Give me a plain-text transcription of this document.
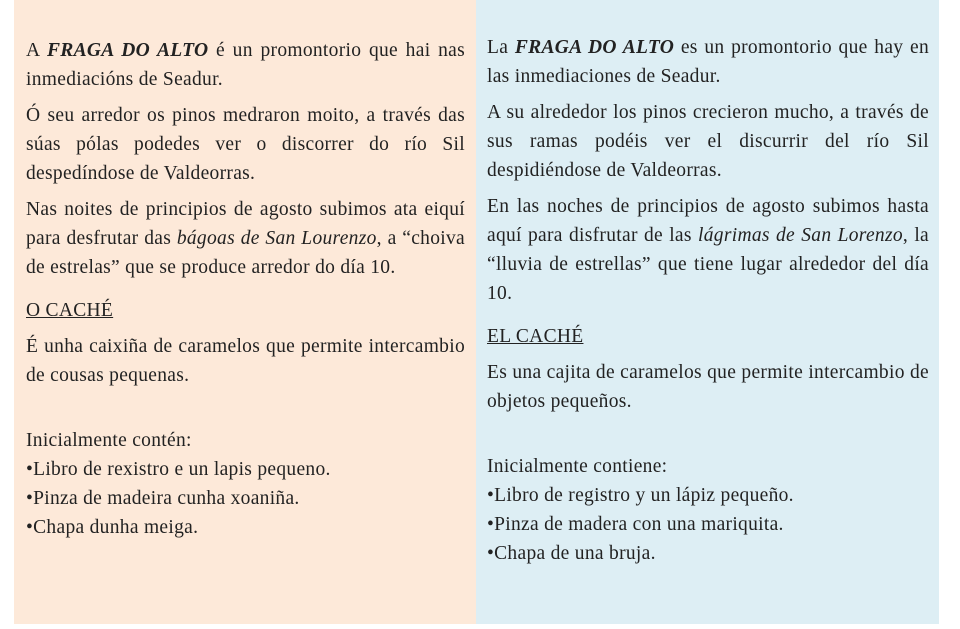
A FRAGA DO ALTO é un promontorio que hai nas inmediacións de Seadur.

Ó seu arredor os pinos medraron moito, a través das súas pólas podedes ver o discorrer do río Sil despedíndose de Valdeorras.

Nas noites de principios de agosto subimos ata eiquí para desfrutar das bágoas de San Lourenzo, a “choiva de estrelas” que se produce arredor do día 10.

O CACHÉ

É unha caixiña de caramelos que permite intercambio de cousas pequenas.

Inicialmente contén:

•Libro de rexistro e un lapis pequeno.

•Pinza de madeira cunha xoaniña.

•Chapa dunha meiga.

La FRAGA DO ALTO es un promontorio que hay en las inmediaciones de Seadur.

A su alrededor los pinos crecieron mucho, a través de sus ramas podéis ver el discurrir del río Sil despidiéndose de Valdeorras.

En las noches de principios de agosto subimos hasta aquí para disfrutar de las lágrimas de San Lorenzo, la “lluvia de estrellas” que tiene lugar alrededor del día 10.

EL CACHÉ

Es una cajita de caramelos que permite intercambio de objetos pequeños.

Inicialmente contiene:

•Libro de registro y un lápiz pequeño.

•Pinza de madera con una mariquita.

•Chapa de una bruja.
